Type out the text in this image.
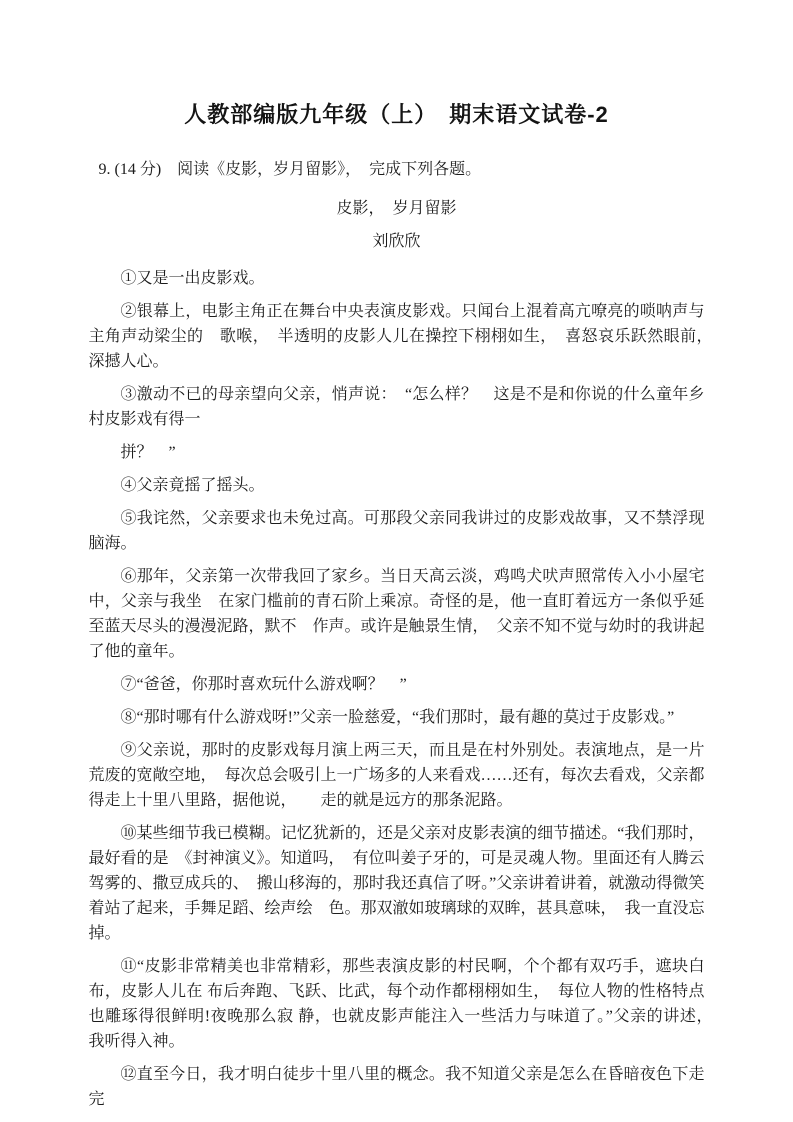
人教部编版九年级（上）　期末语文试卷-2

9. (14 分)　阅读《皮影，岁月留影》，　完成下列各题。

皮影，　岁月留影

刘欣欣

①又是一出皮影戏。

②银幕上，电影主角正在舞台中央表演皮影戏。只闻台上混着高亢嘹亮的唢呐声与主角声动梁尘的　歌喉，　半透明的皮影人儿在操控下栩栩如生，　喜怒哀乐跃然眼前，　深撼人心。

③激动不已的母亲望向父亲，悄声说：　“怎么样？　这是不是和你说的什么童年乡村皮影戏有得一

拼？　”

④父亲竟摇了摇头。

⑤我诧然，父亲要求也未免过高。可那段父亲同我讲过的皮影戏故事，又不禁浮现脑海。

⑥那年，父亲第一次带我回了家乡。当日天高云淡，鸡鸣犬吠声照常传入小小屋宅中，父亲与我坐　在家门槛前的青石阶上乘凉。奇怪的是，他一直盯着远方一条似乎延至蓝天尽头的漫漫泥路，默不　作声。或许是触景生情，　父亲不知不觉与幼时的我讲起了他的童年。

⑦“爸爸，你那时喜欢玩什么游戏啊？　”

⑧“那时哪有什么游戏呀!”父亲一脸慈爱，“我们那时，最有趣的莫过于皮影戏。”

⑨父亲说，那时的皮影戏每月演上两三天，而且是在村外别处。表演地点，是一片荒废的宽敞空地，　每次总会吸引上一广场多的人来看戏……还有，每次去看戏，父亲都得走上十里八里路，据他说，　　走的就是远方的那条泥路。

⑩某些细节我已模糊。记忆犹新的，还是父亲对皮影表演的细节描述。“我们那时，最好看的是　《封神演义》。知道吗，　有位叫姜子牙的，可是灵魂人物。里面还有人腾云驾雾的、撒豆成兵的、　搬山移海的，那时我还真信了呀。”父亲讲着讲着，就激动得微笑着站了起来，手舞足蹈、绘声绘　色。那双澈如玻璃球的双眸，甚具意味，　我一直没忘掉。

⑪“皮影非常精美也非常精彩，那些表演皮影的村民啊，个个都有双巧手，遮块白布，皮影人儿在 布后奔跑、飞跃、比武，每个动作都栩栩如生，　每位人物的性格特点也雕琢得很鲜明!夜晚那么寂 静，也就皮影声能注入一些活力与味道了。”父亲的讲述，　我听得入神。

⑫直至今日，我才明白徒步十里八里的概念。我不知道父亲是怎么在昏暗夜色下走完
